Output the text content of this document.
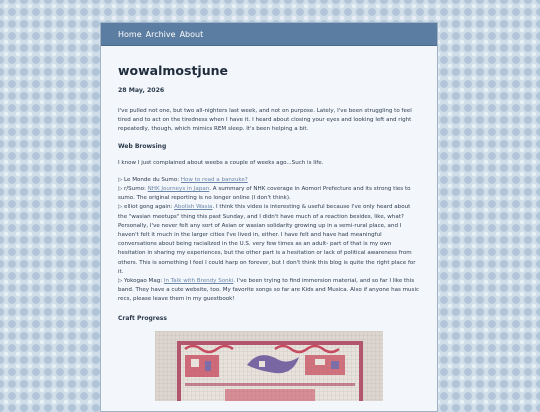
Home Archive About
wowalmostjune
28 May, 2026

I've pulled not one, but two all-nighters last week, and not on purpose. Lately, I've been struggling to feel tired and to act on the tiredness when I have it. I heard about closing your eyes and looking left and right repeatedly, though, which mimics REM sleep. It's been helping a bit.

Web Browsing

I know I just complained about weebs a couple of weeks ago...Such is life.

▷ Le Monde du Sumo: How to read a banzuke?

▷ r/Sumo: NHK Journeys in Japan. A summary of NHK coverage in Aomori Prefecture and its strong ties to sumo. The original reporting is no longer online (I don't think).

▷ elliot gong again: Abolish Wasia. I think this video is interesting & useful because I've only heard about the "wasian meetups" thing this past Sunday, and I didn't have much of a reaction besides, like, what? Personally, I've never felt any sort of Asian or wasian solidarity growing up in a semi-rural place, and I haven't felt it much in the larger cities I've lived in, either. I have felt and have had meaningful conversations about being racialized in the U.S. very few times as an adult- part of that is my own hesitation in sharing my experiences, but the other part is a hesitation or lack of political awareness from others. This is something I feel I could harp on forever, but I don't think this blog is quite the right place for it.

▷ Yokogao Mag: In Talk with Brendy Sonki. I've been trying to find immersion material, and so far I like this band. They have a cute website, too. My favorite songs so far are Kids and Musica. Also if anyone has music recs, please leave them in my guestbook!

Craft Progress
